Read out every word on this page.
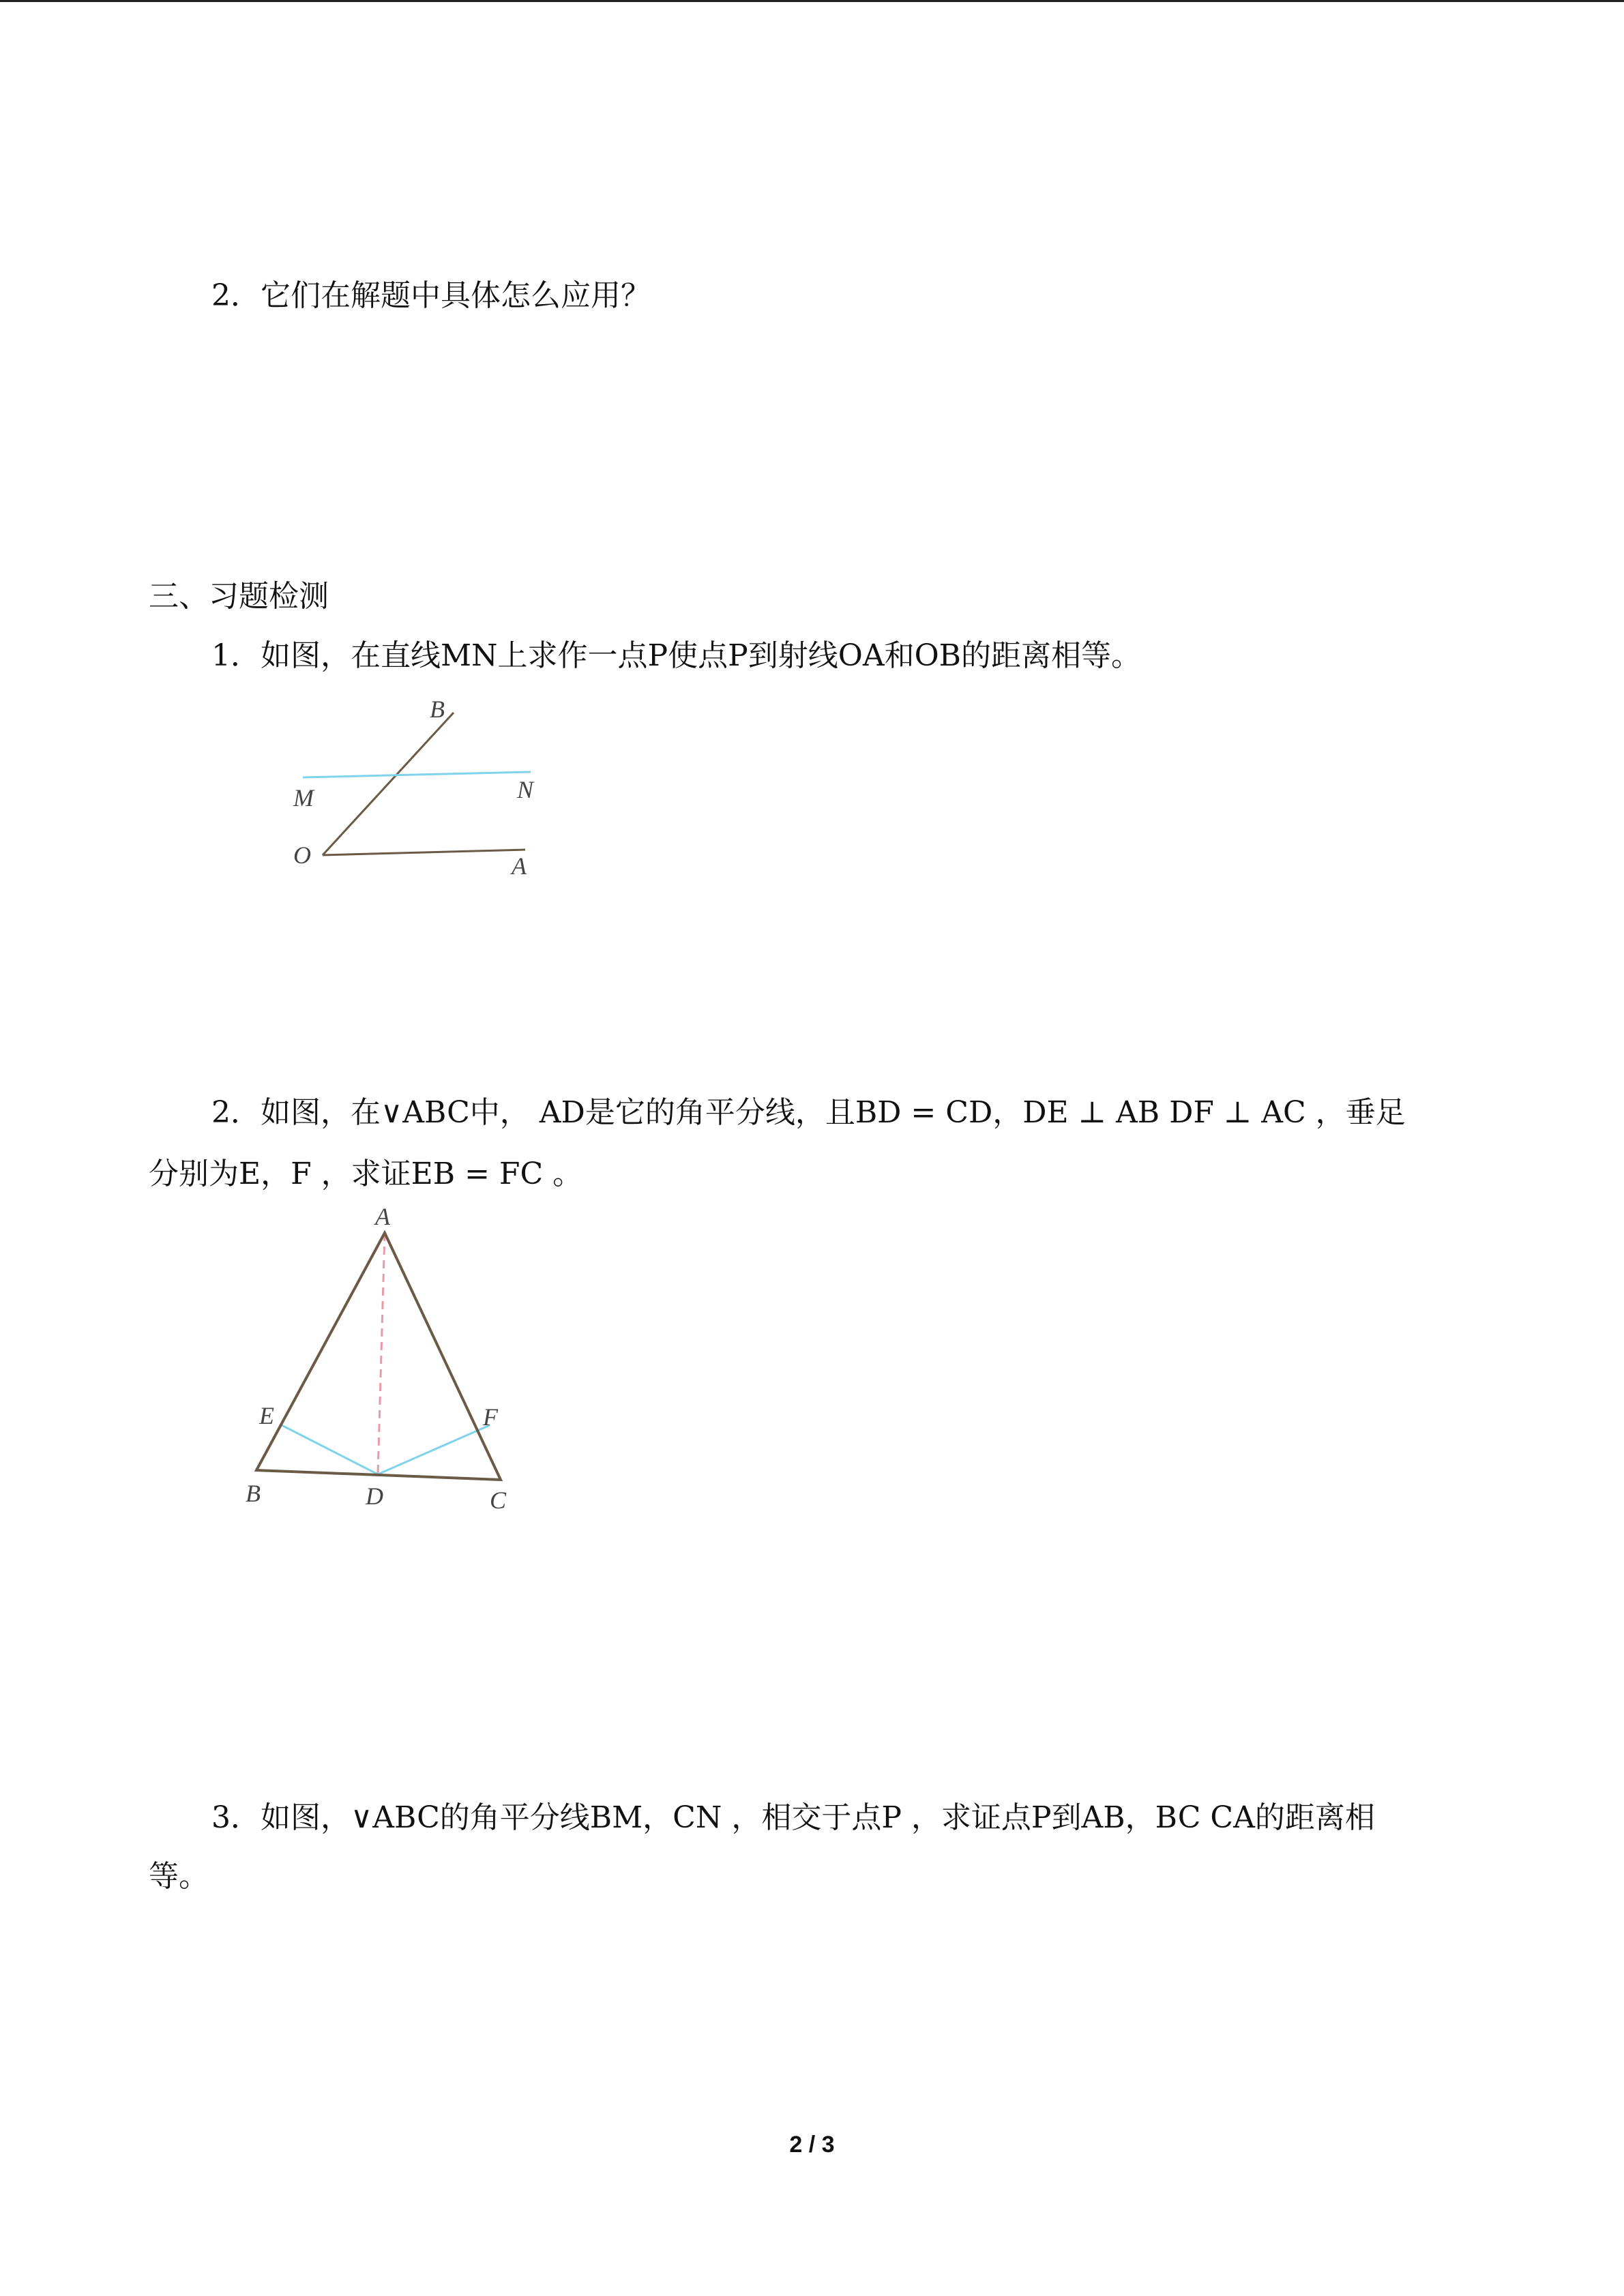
2．它们在解题中具体怎么应用？
三、习题检测
1．如图，在直线MN上求作一点P使点P到射线OA和OB的距离相等。
B
M	N
O	A
2．如图，在∨ABC中， AD是它的角平分线，且BD = CD，DE ⊥ AB DF ⊥ AC ，垂足
分别为E，F ，求证EB = FC 。
A
E	F
B	D	C
3．如图，∨ABC的角平分线BM，CN ，相交于点P ，求证点P到AB，BC CA的距离相
等。
2 / 3
